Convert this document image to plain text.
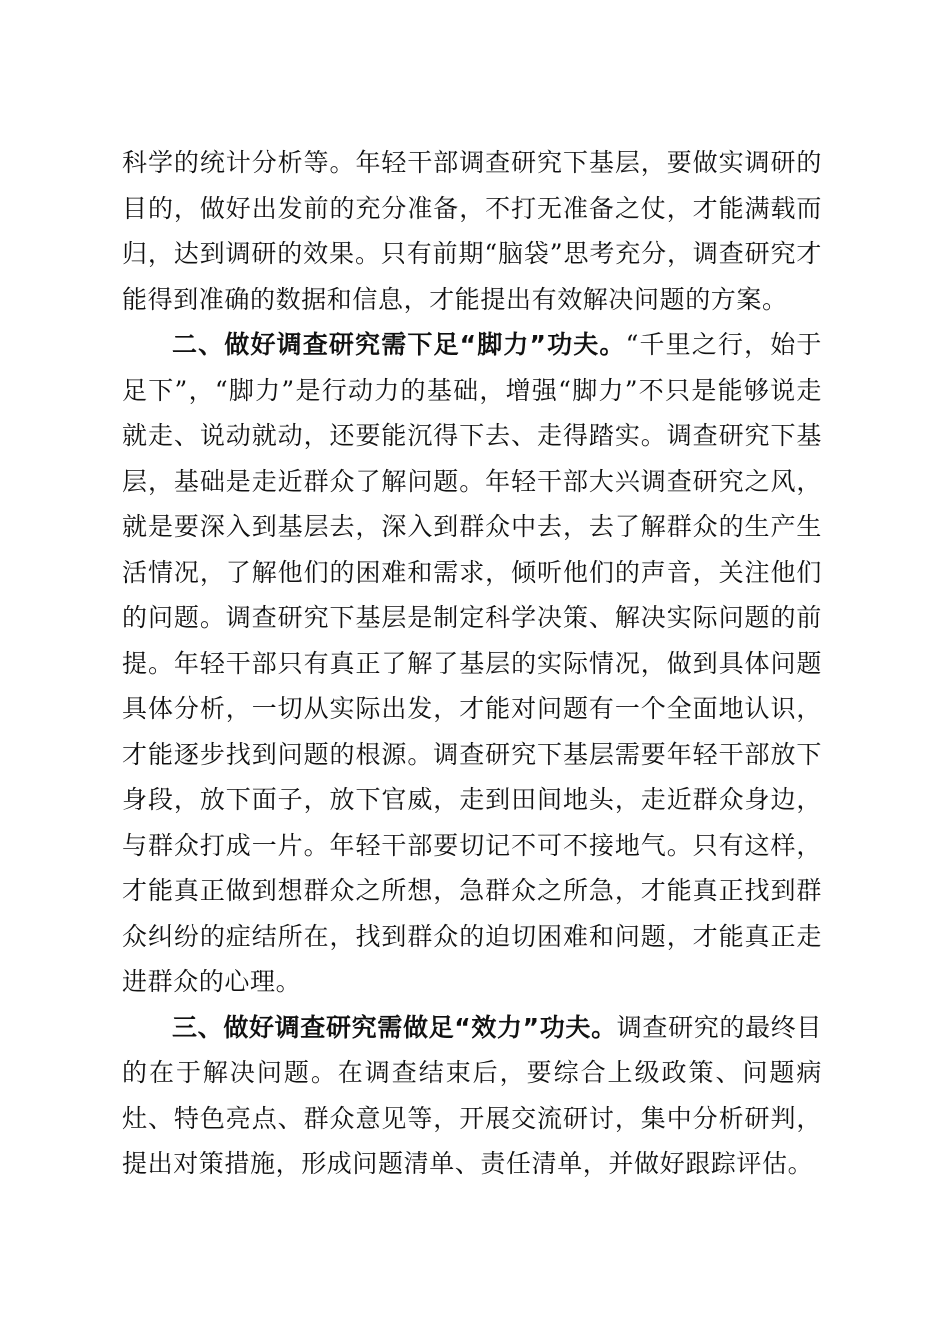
科学的统计分析等。年轻干部调查研究下基层，要做实调研的目的，做好出发前的充分准备，不打无准备之仗，才能满载而归，达到调研的效果。只有前期“脑袋”思考充分，调查研究才能得到准确的数据和信息，才能提出有效解决问题的方案。

二、做好调查研究需下足“脚力”功夫。“千里之行，始于足下”，“脚力”是行动力的基础，增强“脚力”不只是能够说走就走、说动就动，还要能沉得下去、走得踏实。调查研究下基层，基础是走近群众了解问题。年轻干部大兴调查研究之风，就是要深入到基层去，深入到群众中去，去了解群众的生产生活情况，了解他们的困难和需求，倾听他们的声音，关注他们的问题。调查研究下基层是制定科学决策、解决实际问题的前提。年轻干部只有真正了解了基层的实际情况，做到具体问题具体分析，一切从实际出发，才能对问题有一个全面地认识，才能逐步找到问题的根源。调查研究下基层需要年轻干部放下身段，放下面子，放下官威，走到田间地头，走近群众身边，与群众打成一片。年轻干部要切记不可不接地气。只有这样，才能真正做到想群众之所想，急群众之所急，才能真正找到群众纠纷的症结所在，找到群众的迫切困难和问题，才能真正走进群众的心理。

三、做好调查研究需做足“效力”功夫。调查研究的最终目的在于解决问题。在调查结束后，要综合上级政策、问题病灶、特色亮点、群众意见等，开展交流研讨，集中分析研判，提出对策措施，形成问题清单、责任清单，并做好跟踪评估。
